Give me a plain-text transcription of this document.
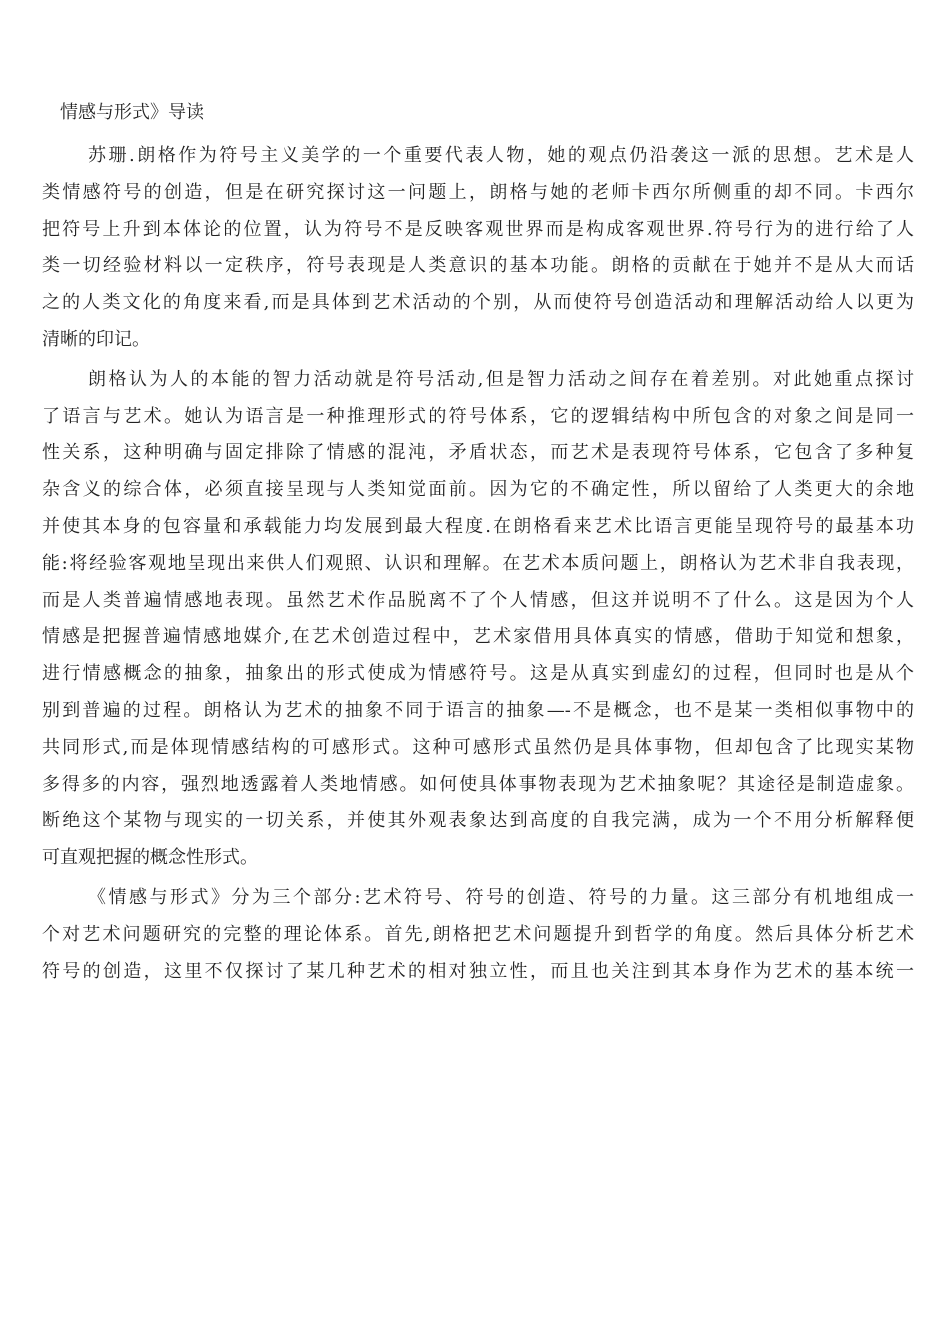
情感与形式》导读
苏珊.朗格作为符号主义美学的一个重要代表人物，她的观点仍沿袭这一派的思想。艺术是人
类情感符号的创造，但是在研究探讨这一问题上，朗格与她的老师卡西尔所侧重的却不同。卡西尔
把符号上升到本体论的位置，认为符号不是反映客观世界而是构成客观世界.符号行为的进行给了人
类一切经验材料以一定秩序，符号表现是人类意识的基本功能。朗格的贡献在于她并不是从大而话
之的人类文化的角度来看,而是具体到艺术活动的个别，从而使符号创造活动和理解活动给人以更为
清晰的印记。
朗格认为人的本能的智力活动就是符号活动,但是智力活动之间存在着差别。对此她重点探讨
了语言与艺术。她认为语言是一种推理形式的符号体系，它的逻辑结构中所包含的对象之间是同一
性关系，这种明确与固定排除了情感的混沌，矛盾状态，而艺术是表现符号体系，它包含了多种复
杂含义的综合体，必须直接呈现与人类知觉面前。因为它的不确定性，所以留给了人类更大的余地
并使其本身的包容量和承载能力均发展到最大程度.在朗格看来艺术比语言更能呈现符号的最基本功
能:将经验客观地呈现出来供人们观照、认识和理解。在艺术本质问题上，朗格认为艺术非自我表现，
而是人类普遍情感地表现。虽然艺术作品脱离不了个人情感，但这并说明不了什么。这是因为个人
情感是把握普遍情感地媒介,在艺术创造过程中，艺术家借用具体真实的情感，借助于知觉和想象，
进行情感概念的抽象，抽象出的形式使成为情感符号。这是从真实到虚幻的过程，但同时也是从个
别到普遍的过程。朗格认为艺术的抽象不同于语言的抽象—-不是概念，也不是某一类相似事物中的
共同形式,而是体现情感结构的可感形式。这种可感形式虽然仍是具体事物，但却包含了比现实某物
多得多的内容，强烈地透露着人类地情感。如何使具体事物表现为艺术抽象呢？其途径是制造虚象。
断绝这个某物与现实的一切关系，并使其外观表象达到高度的自我完满，成为一个不用分析解释便
可直观把握的概念性形式。
《情感与形式》分为三个部分:艺术符号、符号的创造、符号的力量。这三部分有机地组成一
个对艺术问题研究的完整的理论体系。首先,朗格把艺术问题提升到哲学的角度。然后具体分析艺术
符号的创造，这里不仅探讨了某几种艺术的相对独立性，而且也关注到其本身作为艺术的基本统一
